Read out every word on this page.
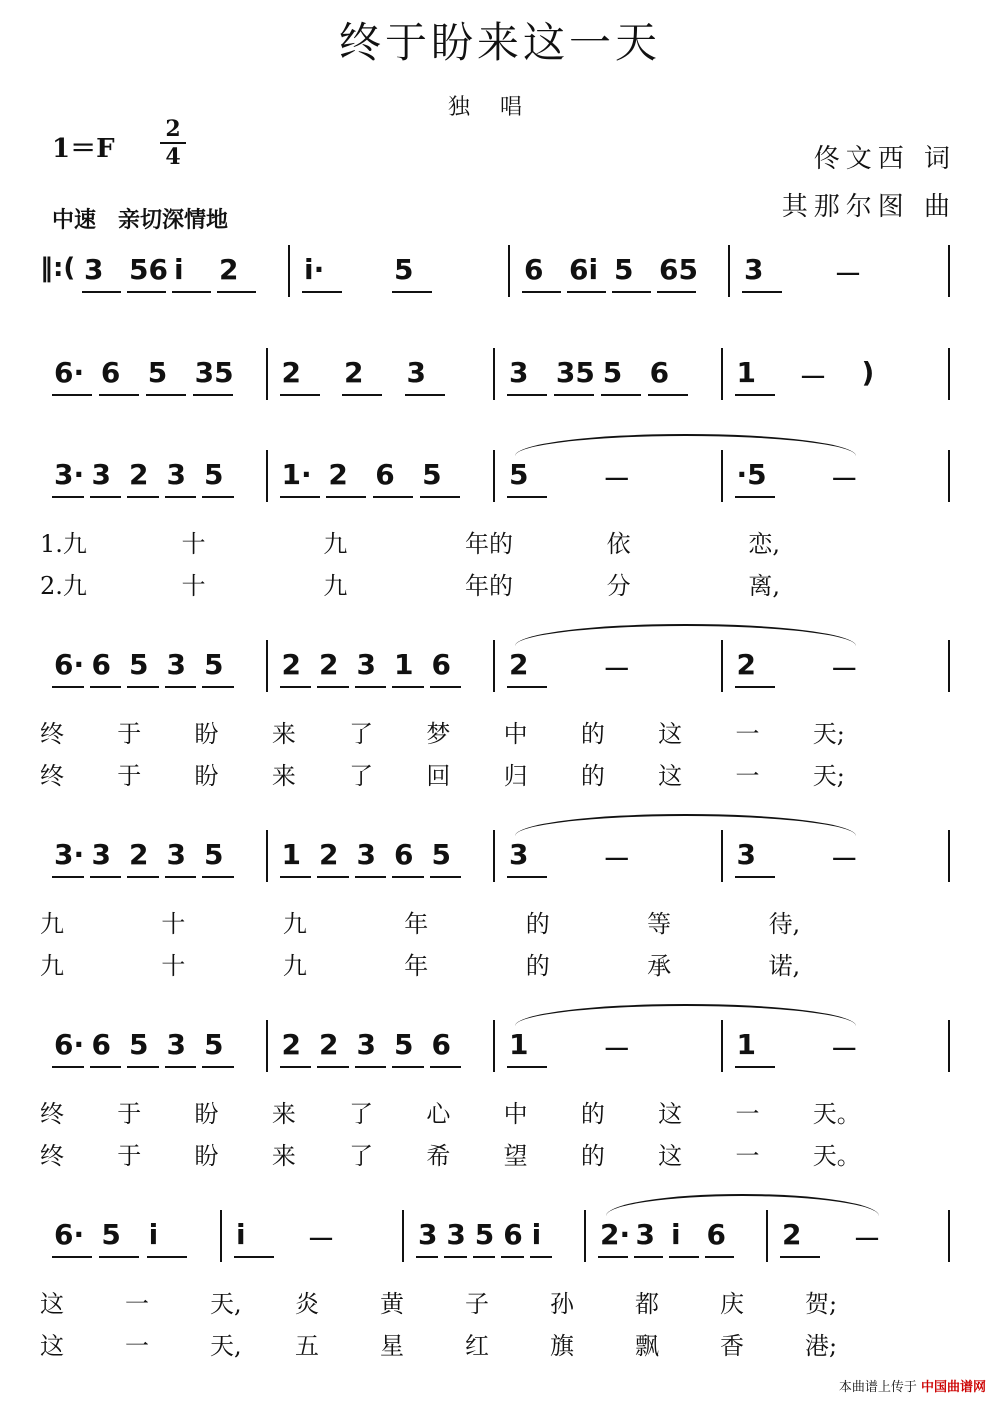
终于盼来这一天
独唱
1＝F
2
4
中速　亲切深情地
佟文西 词
其那尔图 曲
‖:( 3 56 i 2 i· 5	6 6i 5 65 3	－
6· 6 5 35 2 2 3	3 35 5 6 1 － )
3· 3 2 3 5 1· 2 6 5 5	－	·5 －
1.九	十	九	年的	依	恋,
2.九	十	九	年的	分	离,
6· 6 5 3 5 2 2 3 1 6 2	－	2	－
终 于 盼 来 了 梦 中 的 这 一 天;
终 于 盼 来 了 回 归 的 这 一 天;
3· 3 2 3 5 1 2 3 6 5 3	－	3	－
九	十	九	年	的	等	待,
九	十	九	年	的	承	诺,
6· 6 5 3 5 2 2 3 5 6 1	－	1	－
终 于 盼 来 了 心 中 的 这 一 天。
终 于 盼 来 了 希 望 的 这 一 天。
6· 5 i	i －	3 3 5 6 i 2· 3 i 6 2 －
这	一	天, 炎	黄	子	孙	都	庆	贺;
这	一	天, 五	星	红	旗	飘	香	港;
本曲谱上传于 中国曲谱网
